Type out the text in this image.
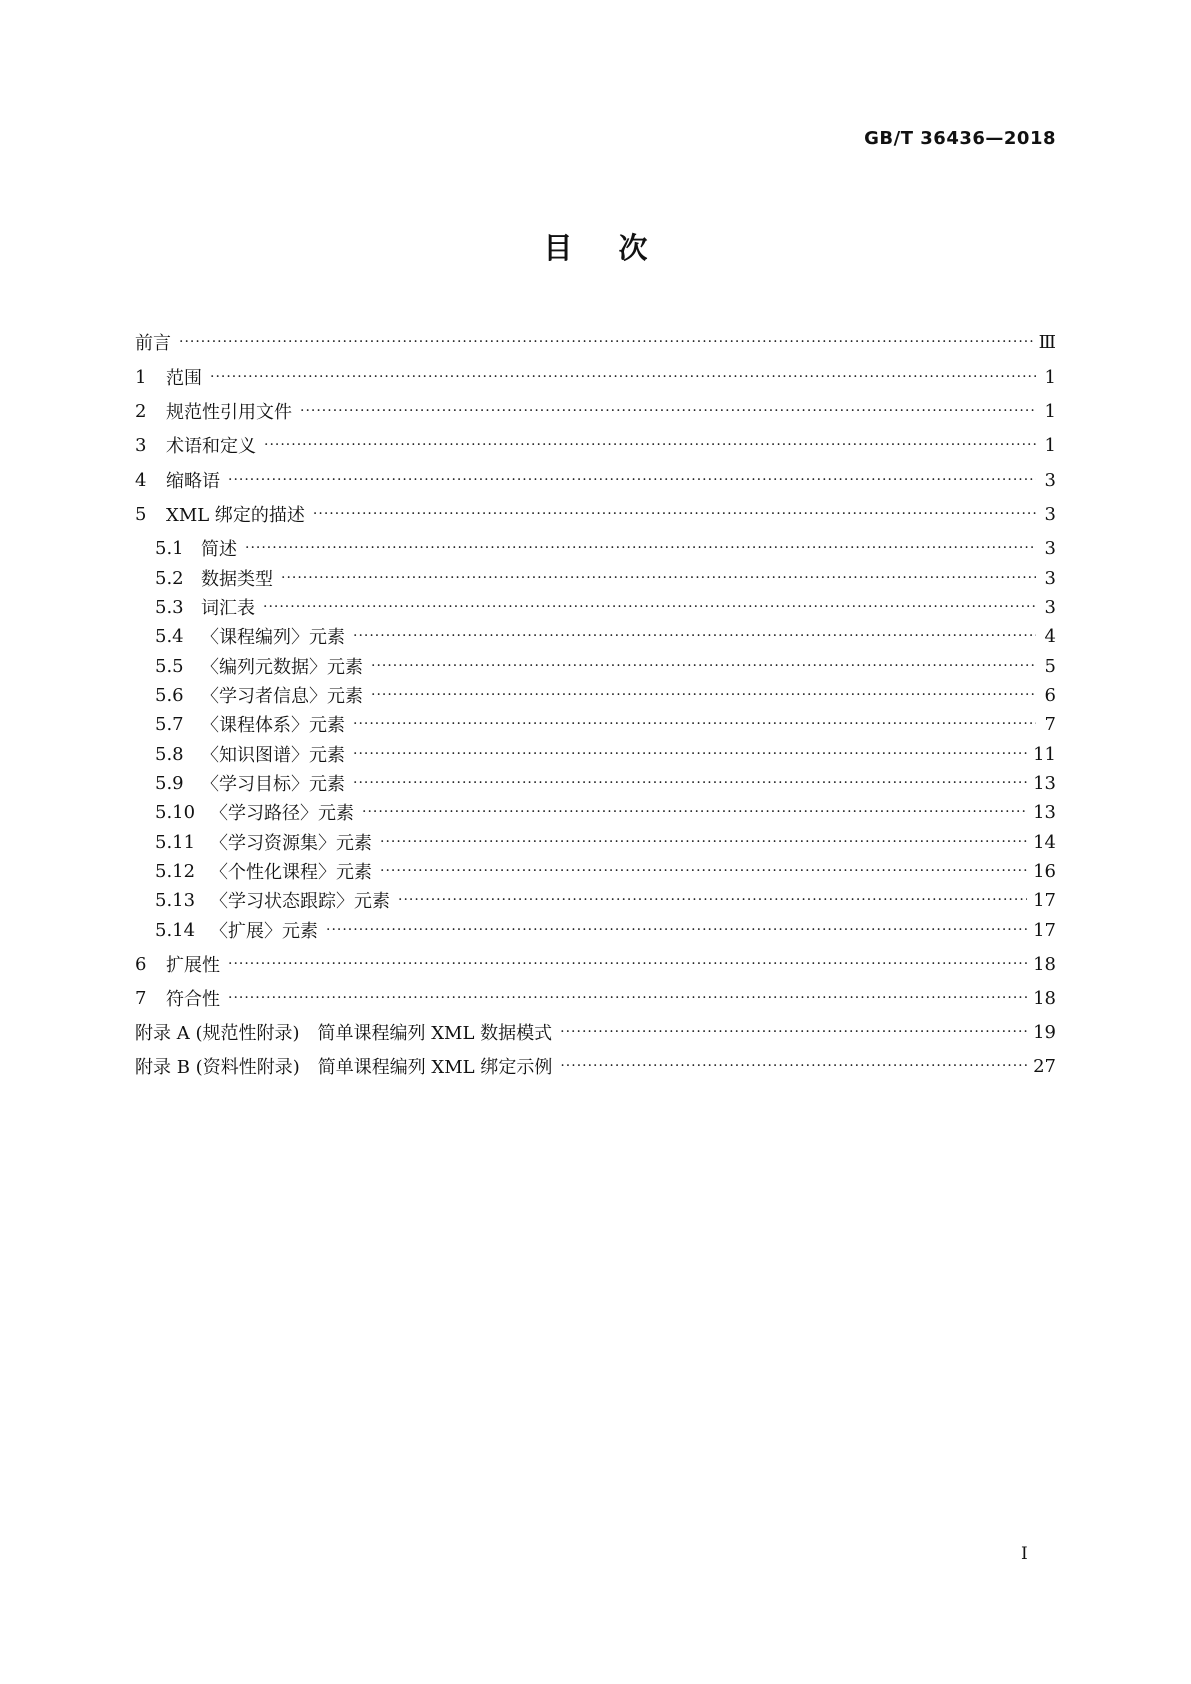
GB/T 36436—2018
目 次
前言 ·····	Ⅲ
1	范围 ·····	1
2	规范性引用文件 ·····	1
3	术语和定义 ·····	1
4	缩略语 ·····	3
5	XML 绑定的描述 ·····	3
5.1 简述 ·····	3
5.2 数据类型 ·····	3
5.3 词汇表 ·····	3
5.4 〈课程编列〉元素 ·····	4
5.5 〈编列元数据〉元素 ·····	5
5.6 〈学习者信息〉元素 ·····	6
5.7 〈课程体系〉元素 ·····	7
5.8 〈知识图谱〉元素 ·····	11
5.9 〈学习目标〉元素 ·····	13
5.10 〈学习路径〉元素 ·····	13
5.11 〈学习资源集〉元素 ·····	14
5.12 〈个性化课程〉元素 ·····	16
5.13 〈学习状态跟踪〉元素 ·····	17
5.14 〈扩展〉元素 ·····	17
6	扩展性 ·····	18
7	符合性 ·····	18
附录 A (规范性附录)　简单课程编列 XML 数据模式 ·····	19
附录 B (资料性附录)　简单课程编列 XML 绑定示例 ·····	27
I
